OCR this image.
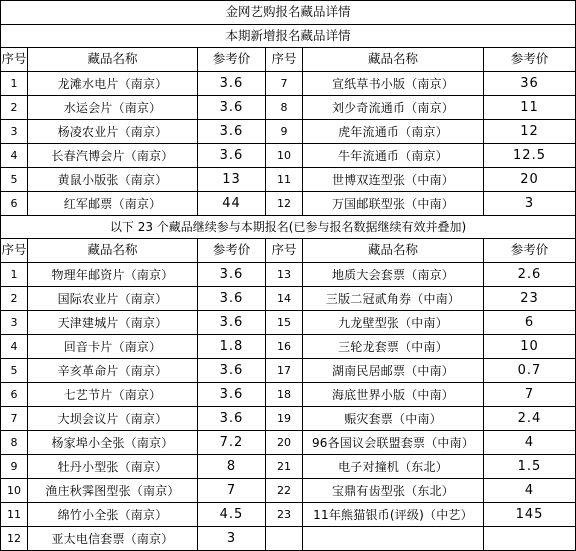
金网艺购报名藏品详情					
本期新增报名藏品详情					
序号	藏品名称	参考价	序号	藏品名称	参考价
1	龙滩水电片（南京）	3.6	7	宣纸草书小版（南京）	36
2	水运会片（南京）	3.6	8	刘少奇流通币（南京）	11
3	杨凌农业片（南京）	3.6	9	虎年流通币（南京）	12
4	长春汽博会片（南京）	3.6	10	牛年流通币（南京）	12.5
5	黄鼠小版张（南京）	13	11	世博双连型张（中南）	20
6	红军邮票（南京）	44	12	万国邮联型张（中南）	3
以下 23 个藏品继续参与本期报名(已参与报名数据继续有效并叠加)					
序号	藏品名称	参考价	序号	藏品名称	参考价
1	物理年邮资片（南京）	3.6	13	地质大会套票（南京）	2.6
2	国际农业片（南京）	3.6	14	三版二冠贰角券（中南）	23
3	天津建城片（南京）	3.6	15	九龙壁型张（中南）	6
4	回音卡片（南京）	1.8	16	三轮龙套票（中南）	10
5	辛亥革命片（南京）	3.6	17	湖南民居邮票（中南）	0.7
6	七艺节片（南京）	3.6	18	海底世界小版（中南）	7
7	大坝会议片（南京）	3.6	19	赈灾套票（中南）	2.4
8	杨家埠小全张（南京）	7.2	20	96各国议会联盟套票（中南）	4
9	牡丹小型张（南京）	8	21	电子对撞机（东北）	1.5
10	渔庄秋霁图型张（南京）	7	22	宝鼎有齿型张（东北）	4
11	绵竹小全张（南京）	4.5	23	11年熊猫银币(评级)（中艺）	145
12	亚太电信套票（南京）	3			
